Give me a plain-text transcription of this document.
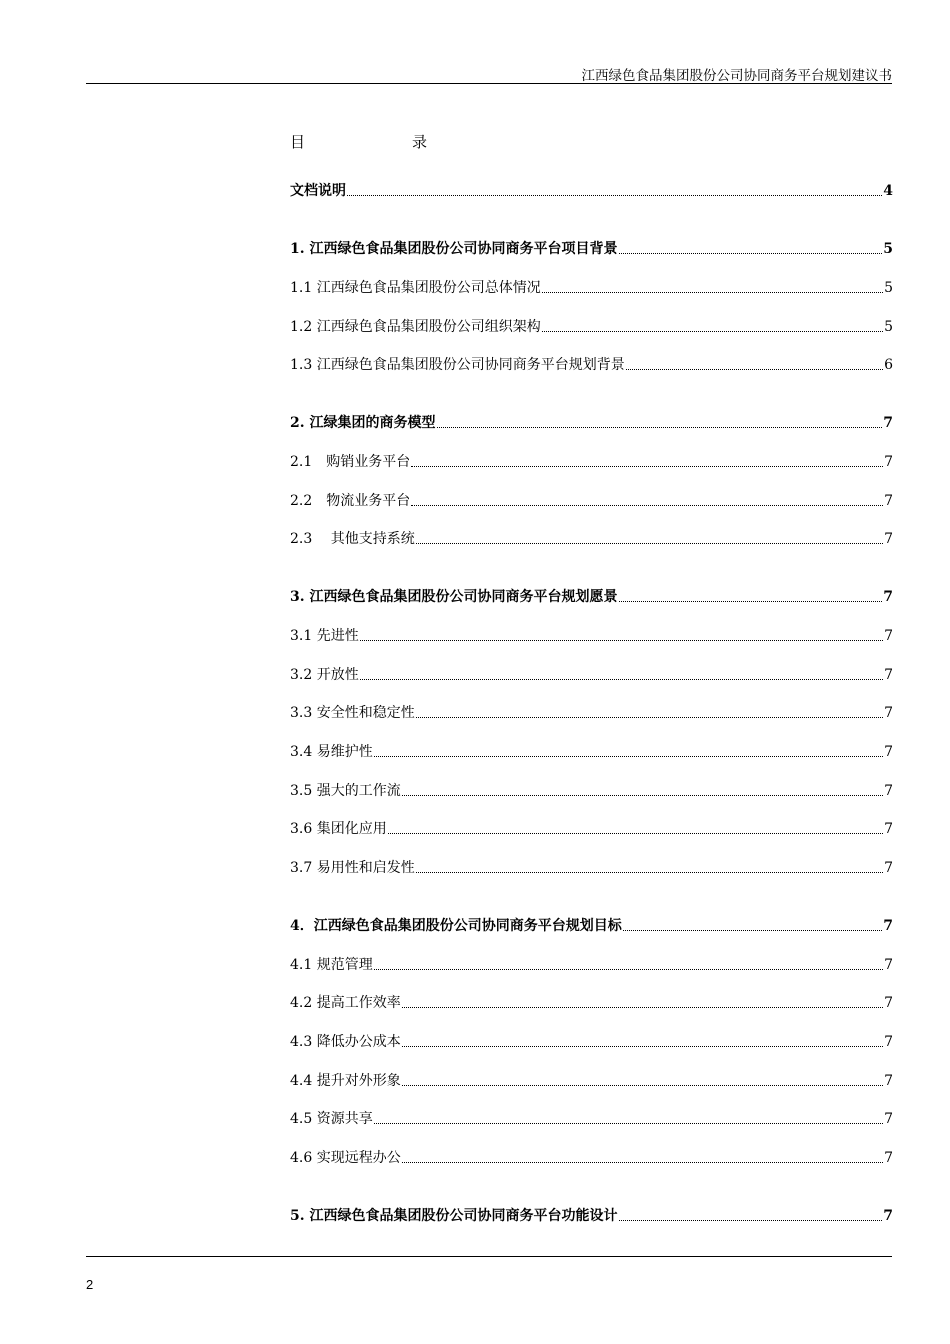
江西绿色食品集团股份公司协同商务平台规划建议书
目	录
文档说明	4
1. 江西绿色食品集团股份公司协同商务平台项目背景	5
1.1 江西绿色食品集团股份公司总体情况	5
1.2 江西绿色食品集团股份公司组织架构	5
1.3 江西绿色食品集团股份公司协同商务平台规划背景	6
2. 江绿集团的商务模型	7
2.1　购销业务平台	7
2.2　物流业务平台	7
2.3　 其他支持系统	7
3. 江西绿色食品集团股份公司协同商务平台规划愿景	7
3.1 先进性	7
3.2 开放性	7
3.3 安全性和稳定性	7
3.4 易维护性	7
3.5 强大的工作流	7
3.6 集团化应用	7
3.7 易用性和启发性	7
4．江西绿色食品集团股份公司协同商务平台规划目标	7
4.1 规范管理	7
4.2 提高工作效率	7
4.3 降低办公成本	7
4.4 提升对外形象	7
4.5 资源共享	7
4.6 实现远程办公	7
5. 江西绿色食品集团股份公司协同商务平台功能设计	7
2
